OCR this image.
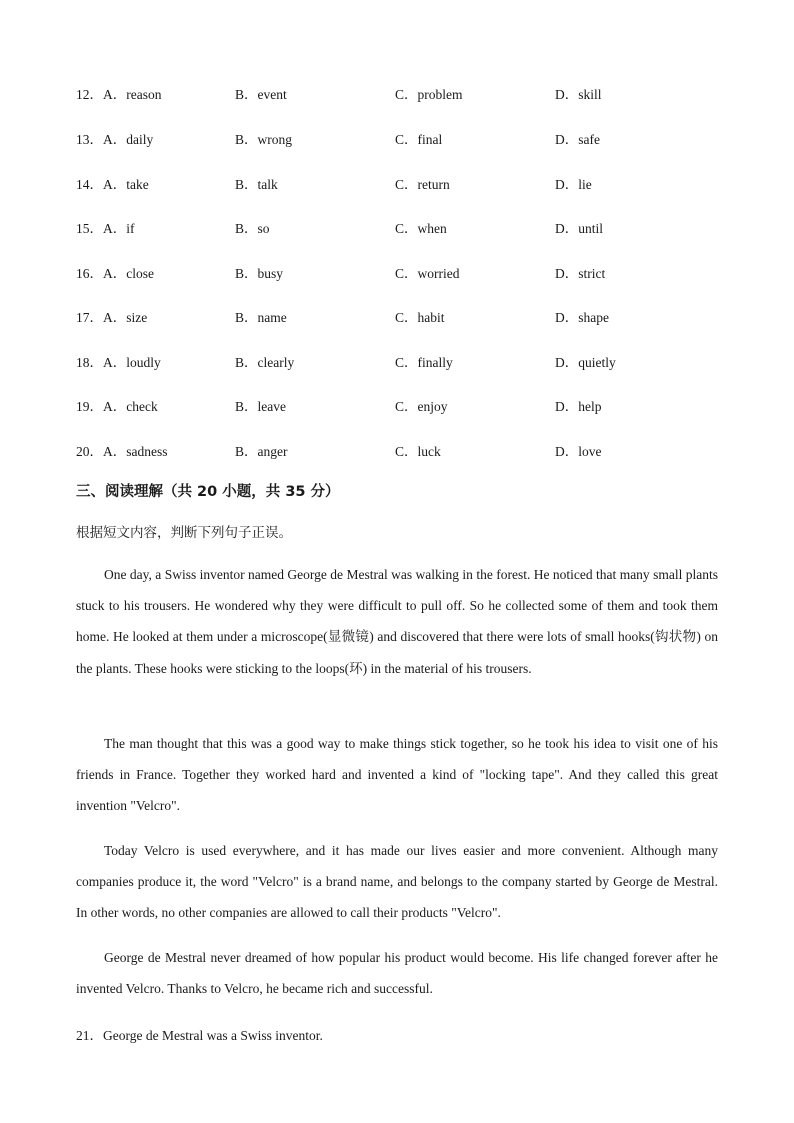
12．A．reason	B．event	C．problem	D．skill
13．A．daily	B．wrong	C．final	D．safe
14．A．take	B．talk	C．return	D．lie
15．A．if	B．so	C．when	D．until
16．A．close	B．busy	C．worried	D．strict
17．A．size	B．name	C．habit	D．shape
18．A．loudly	B．clearly	C．finally	D．quietly
19．A．check	B．leave	C．enjoy	D．help
20．A．sadness	B．anger	C．luck	D．love
三、阅读理解（共 20 小题，共 35 分）
根据短文内容，判断下列句子正误。

One day, a Swiss inventor named George de Mestral was walking in the forest. He noticed that many small plants stuck to his trousers. He wondered why they were difficult to pull off. So he collected some of them and took them home. He looked at them under a microscope(显微镜) and discovered that there were lots of small hooks(钩状物) on the plants. These hooks were sticking to the loops(环) in the material of his trousers.

The man thought that this was a good way to make things stick together, so he took his idea to visit one of his friends in France. Together they worked hard and invented a kind of "locking tape". And they called this great invention "Velcro".

Today Velcro is used everywhere, and it has made our lives easier and more convenient. Although many companies produce it, the word "Velcro" is a brand name, and belongs to the company started by George de Mestral. In other words, no other companies are allowed to call their products "Velcro".

George de Mestral never dreamed of how popular his product would become. His life changed forever after he invented Velcro. Thanks to Velcro, he became rich and successful.

21．George de Mestral was a Swiss inventor.
